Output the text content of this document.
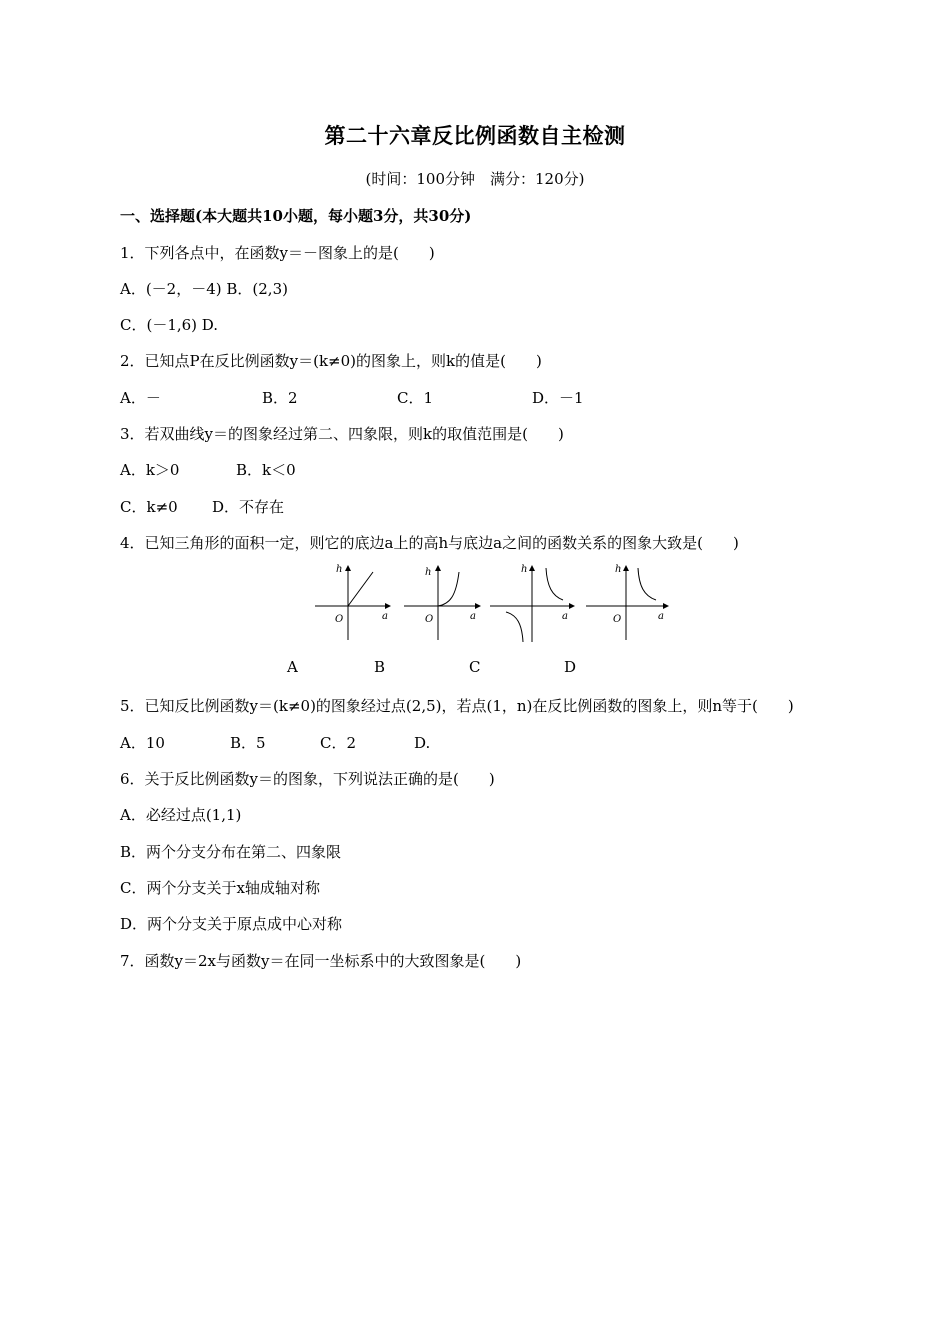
第二十六章反比例函数自主检测
(时间：100分钟　满分：120分)
一、选择题(本大题共10小题，每小题3分，共30分)
1．下列各点中，在函数y＝－图象上的是(　　)
A．(－2，－4) B．(2,3)
C．(－1,6) D.
2．已知点P在反比例函数y＝(k≠0)的图象上，则k的值是(　　)
A．－	B．2	C．1	D．－1
3．若双曲线y＝的图象经过第二、四象限，则k的取值范围是(　　)
A．k＞0	B．k＜0
C．k≠0 D．不存在
4．已知三角形的面积一定，则它的底边a上的高h与底边a之间的函数关系的图象大致是(　　)
h
a
O
h
a
O
h
a
h
a
O
A	B	C	D
5．已知反比例函数y＝(k≠0)的图象经过点(2,5)，若点(1，n)在反比例函数的图象上，则n等于(　　)
A．10	B．5	C．2	D.
6．关于反比例函数y＝的图象，下列说法正确的是(　　)
A．必经过点(1,1)
B．两个分支分布在第二、四象限
C．两个分支关于x轴成轴对称
D．两个分支关于原点成中心对称
7．函数y＝2x与函数y＝在同一坐标系中的大致图象是(　　)
